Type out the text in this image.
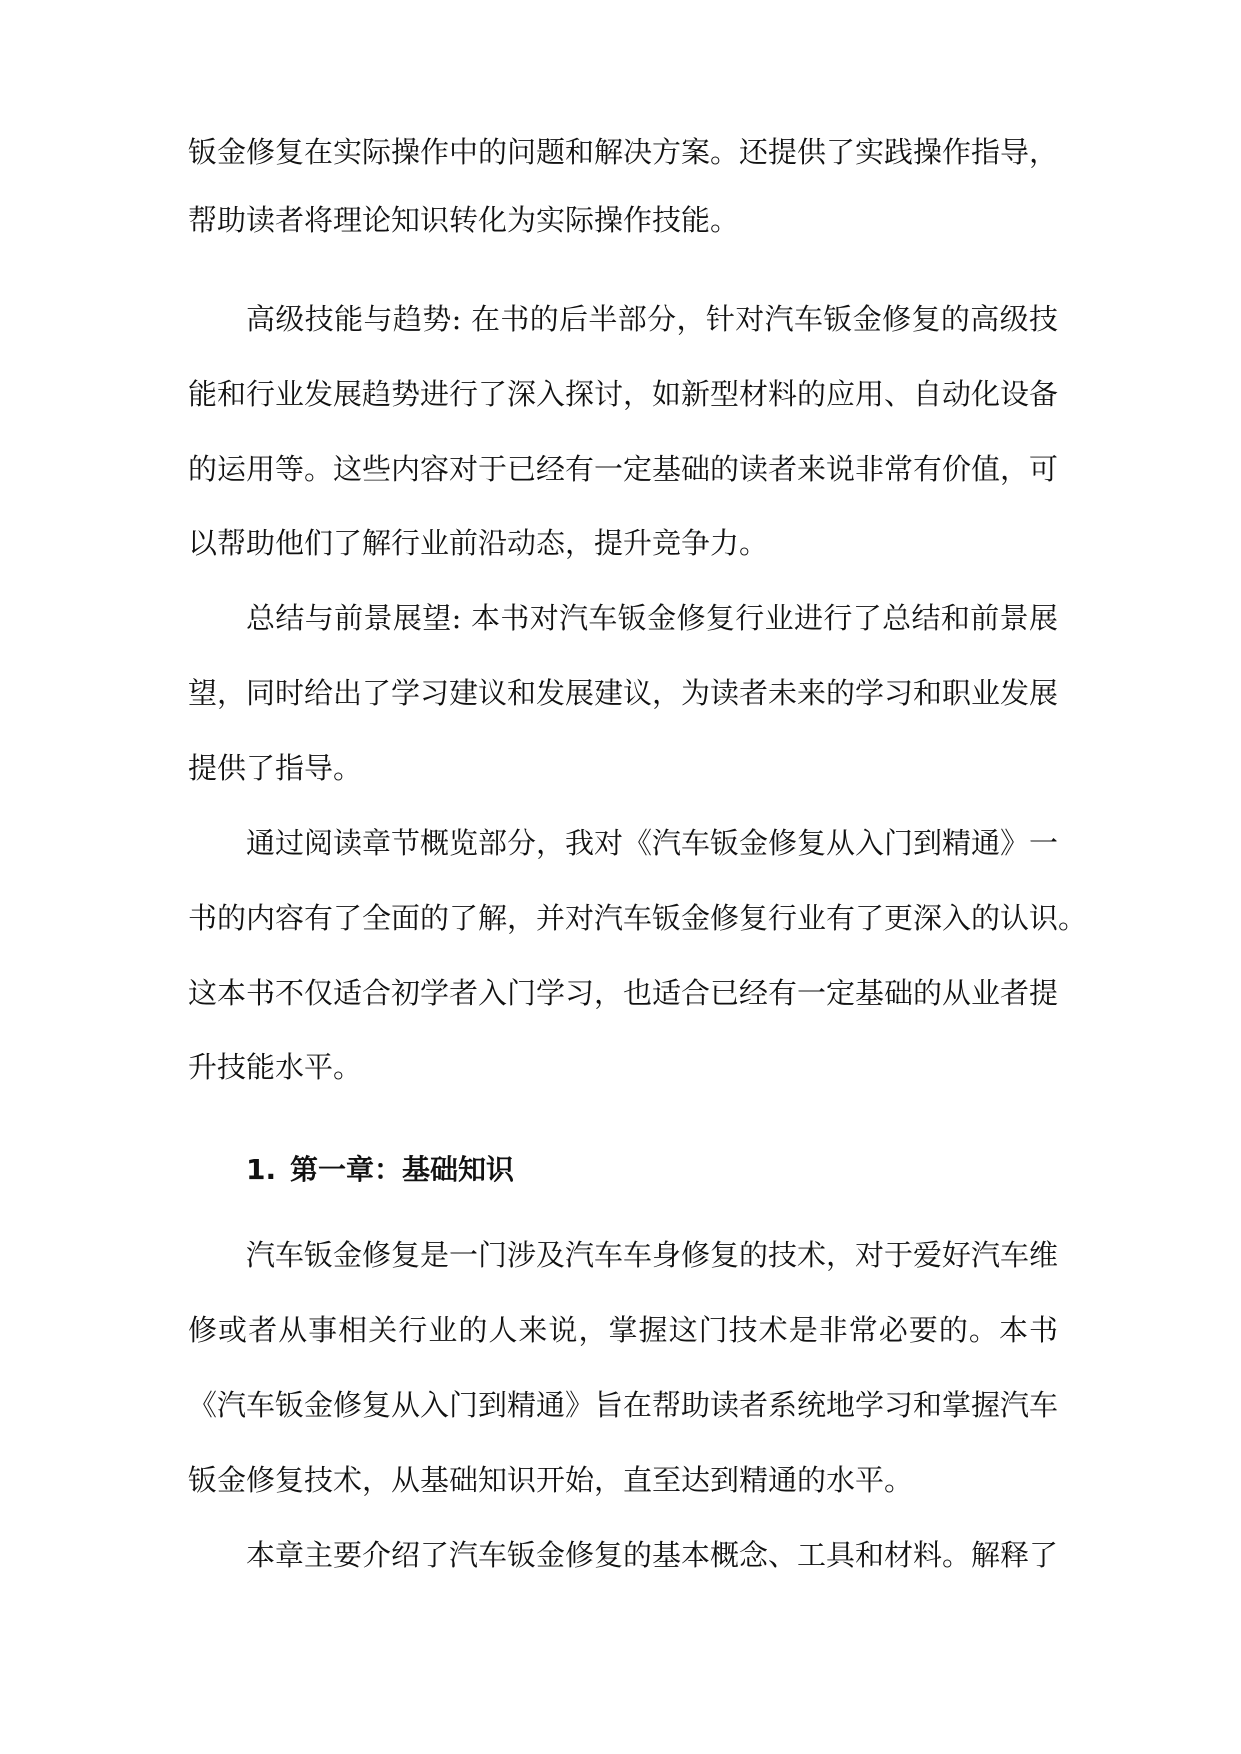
钣金修复在实际操作中的问题和解决方案。还提供了实践操作指导，
帮助读者将理论知识转化为实际操作技能。
高级技能与趋势: 在书的后半部分，针对汽车钣金修复的高级技
能和行业发展趋势进行了深入探讨，如新型材料的应用、自动化设备
的运用等。这些内容对于已经有一定基础的读者来说非常有价值，可
以帮助他们了解行业前沿动态，提升竞争力。
总结与前景展望: 本书对汽车钣金修复行业进行了总结和前景展
望，同时给出了学习建议和发展建议，为读者未来的学习和职业发展
提供了指导。
通过阅读章节概览部分，我对《汽车钣金修复从入门到精通》一
书的内容有了全面的了解，并对汽车钣金修复行业有了更深入的认识。
这本书不仅适合初学者入门学习，也适合已经有一定基础的从业者提
升技能水平。
1. 第一章：基础知识
汽车钣金修复是一门涉及汽车车身修复的技术，对于爱好汽车维
修或者从事相关行业的人来说，掌握这门技术是非常必要的。本书
《汽车钣金修复从入门到精通》旨在帮助读者系统地学习和掌握汽车
钣金修复技术，从基础知识开始，直至达到精通的水平。
本章主要介绍了汽车钣金修复的基本概念、工具和材料。解释了
